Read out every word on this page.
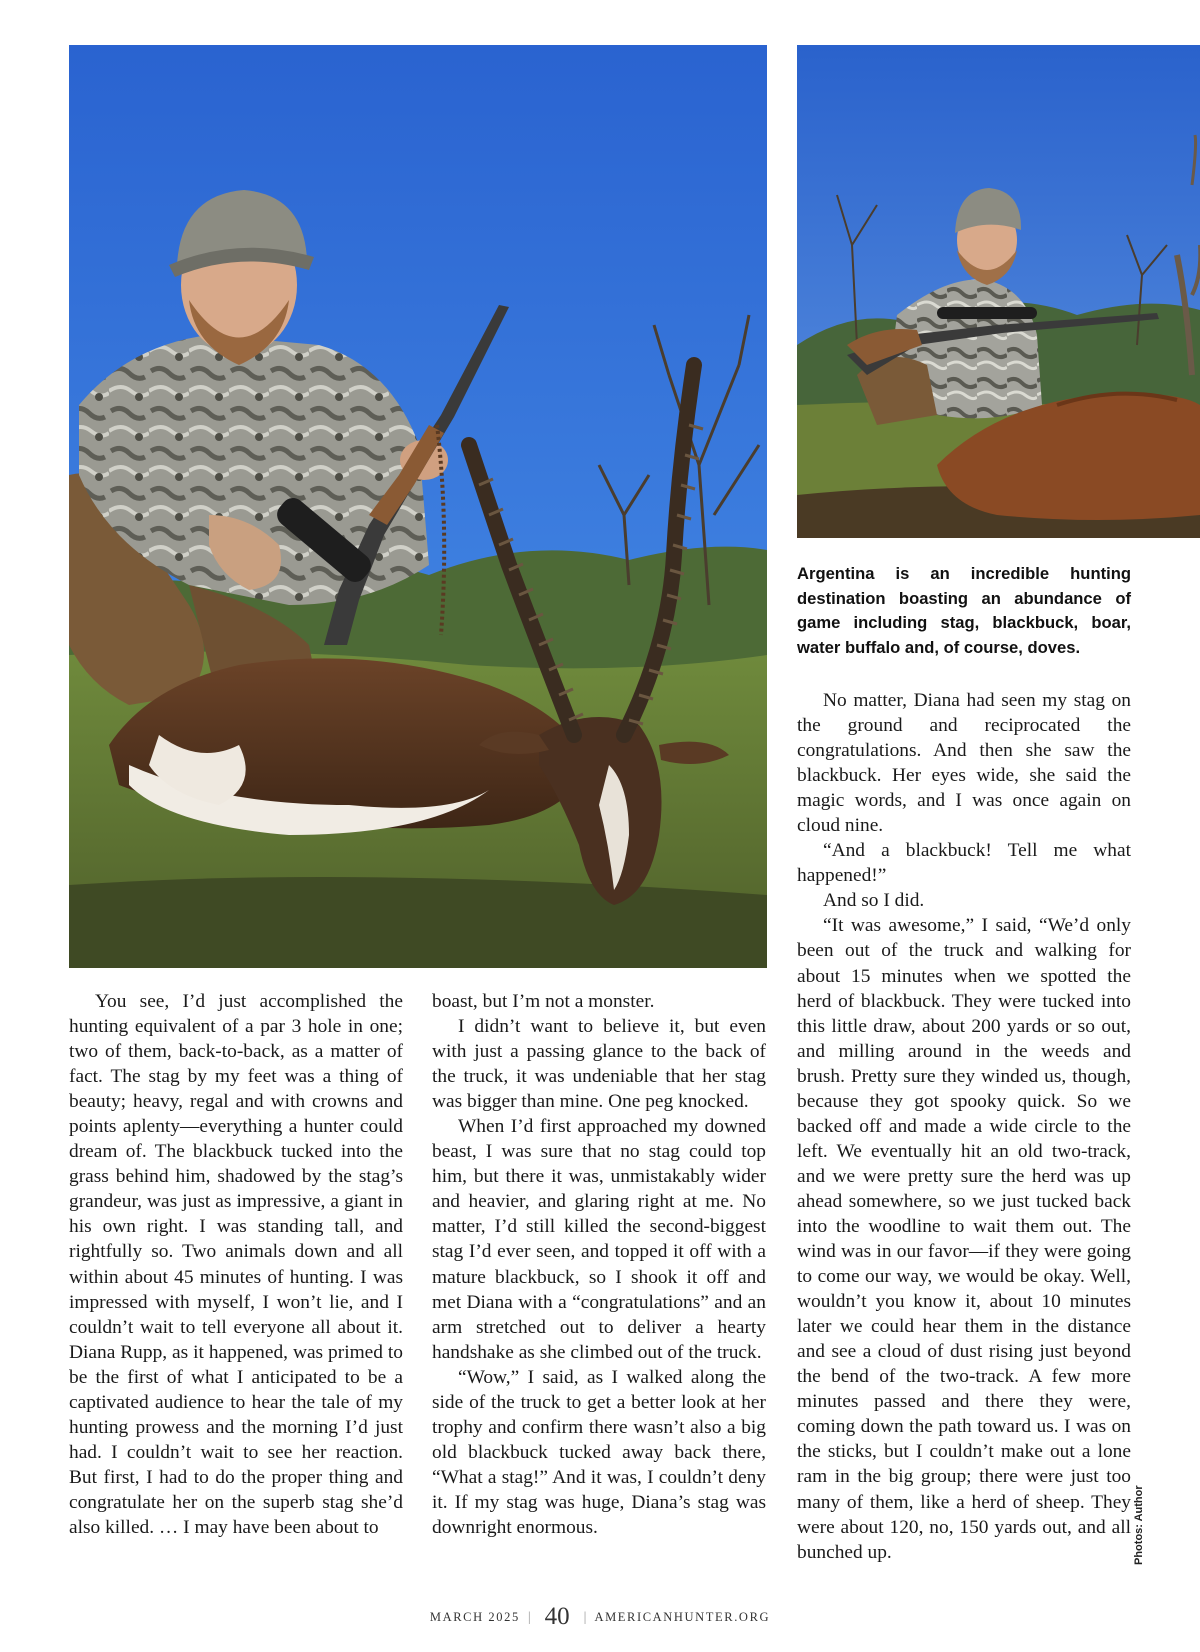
Argentina is an incredible hunting destination boasting an abundance of game including stag, blackbuck, boar, water buffalo and, of course, doves.

You see, I’d just accomplished the hunting equivalent of a par 3 hole in one; two of them, back-to-back, as a matter of fact. The stag by my feet was a thing of beauty; heavy, regal and with crowns and points aplenty—everything a hunter could dream of. The blackbuck tucked into the grass behind him, shadowed by the stag’s grandeur, was just as impressive, a giant in his own right. I was standing tall, and rightfully so. Two animals down and all within about 45 minutes of hunting. I was impressed with myself, I won’t lie, and I couldn’t wait to tell everyone all about it. Diana Rupp, as it happened, was primed to be the first of what I anticipated to be a captivated audience to hear the tale of my hunting prowess and the morning I’d just had. I couldn’t wait to see her reaction. But first, I had to do the proper thing and congratulate her on the superb stag she’d also killed. … I may have been about to

boast, but I’m not a monster.

I didn’t want to believe it, but even with just a passing glance to the back of the truck, it was undeniable that her stag was bigger than mine. One peg knocked.

When I’d first approached my downed beast, I was sure that no stag could top him, but there it was, unmistakably wider and heavier, and glaring right at me. No matter, I’d still killed the second-biggest stag I’d ever seen, and topped it off with a mature blackbuck, so I shook it off and met Diana with a “congratulations” and an arm stretched out to deliver a hearty handshake as she climbed out of the truck.

“Wow,” I said, as I walked along the side of the truck to get a better look at her trophy and confirm there wasn’t also a big old blackbuck tucked away back there, “What a stag!” And it was, I couldn’t deny it. If my stag was huge, Diana’s stag was downright enormous.

No matter, Diana had seen my stag on the ground and reciprocated the congratulations. And then she saw the blackbuck. Her eyes wide, she said the magic words, and I was once again on cloud nine.

“And a blackbuck! Tell me what happened!”

And so I did.

“It was awesome,” I said, “We’d only been out of the truck and walking for about 15 minutes when we spotted the herd of blackbuck. They were tucked into this little draw, about 200 yards or so out, and milling around in the weeds and brush. Pretty sure they winded us, though, because they got spooky quick. So we backed off and made a wide circle to the left. We eventually hit an old two-track, and we were pretty sure the herd was up ahead somewhere, so we just tucked back into the woodline to wait them out. The wind was in our favor—if they were going to come our way, we would be okay. Well, wouldn’t you know it, about 10 minutes later we could hear them in the distance and see a cloud of dust rising just beyond the bend of the two-track. A few more minutes passed and there they were, coming down the path toward us. I was on the sticks, but I couldn’t make out a lone ram in the big group; there were just too many of them, like a herd of sheep. They were about 120, no, 150 yards out, and all bunched up.	Photos: Author
MARCH 2025 | 40 | AMERICANHUNTER.ORG
